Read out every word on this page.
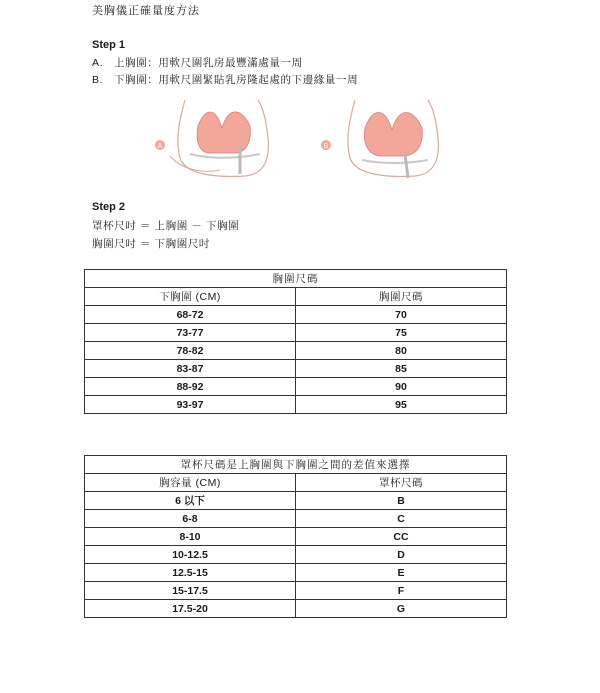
美胸儀正確量度方法
Step 1
A. 上胸圍：用軟尺圍乳房最豐滿處量一周
B. 下胸圍：用軟尺圍緊貼乳房隆起處的下邊緣量一周
A	B
Step 2
罩杯尺吋 ＝ 上胸圍 － 下胸圍
胸圍尺吋 ＝ 下胸圍尺吋
胸圍尺碼	
下胸圍 (CM)	胸圍尺碼
68-72	70
73-77	75
78-82	80
83-87	85
88-92	90
93-97	95
罩杯尺碼是上胸圍與下胸圍之間的差值來選擇	
胸容量 (CM)	罩杯尺碼
6 以下	B
6-8	C
8-10	CC
10-12.5	D
12.5-15	E
15-17.5	F
17.5-20	G
